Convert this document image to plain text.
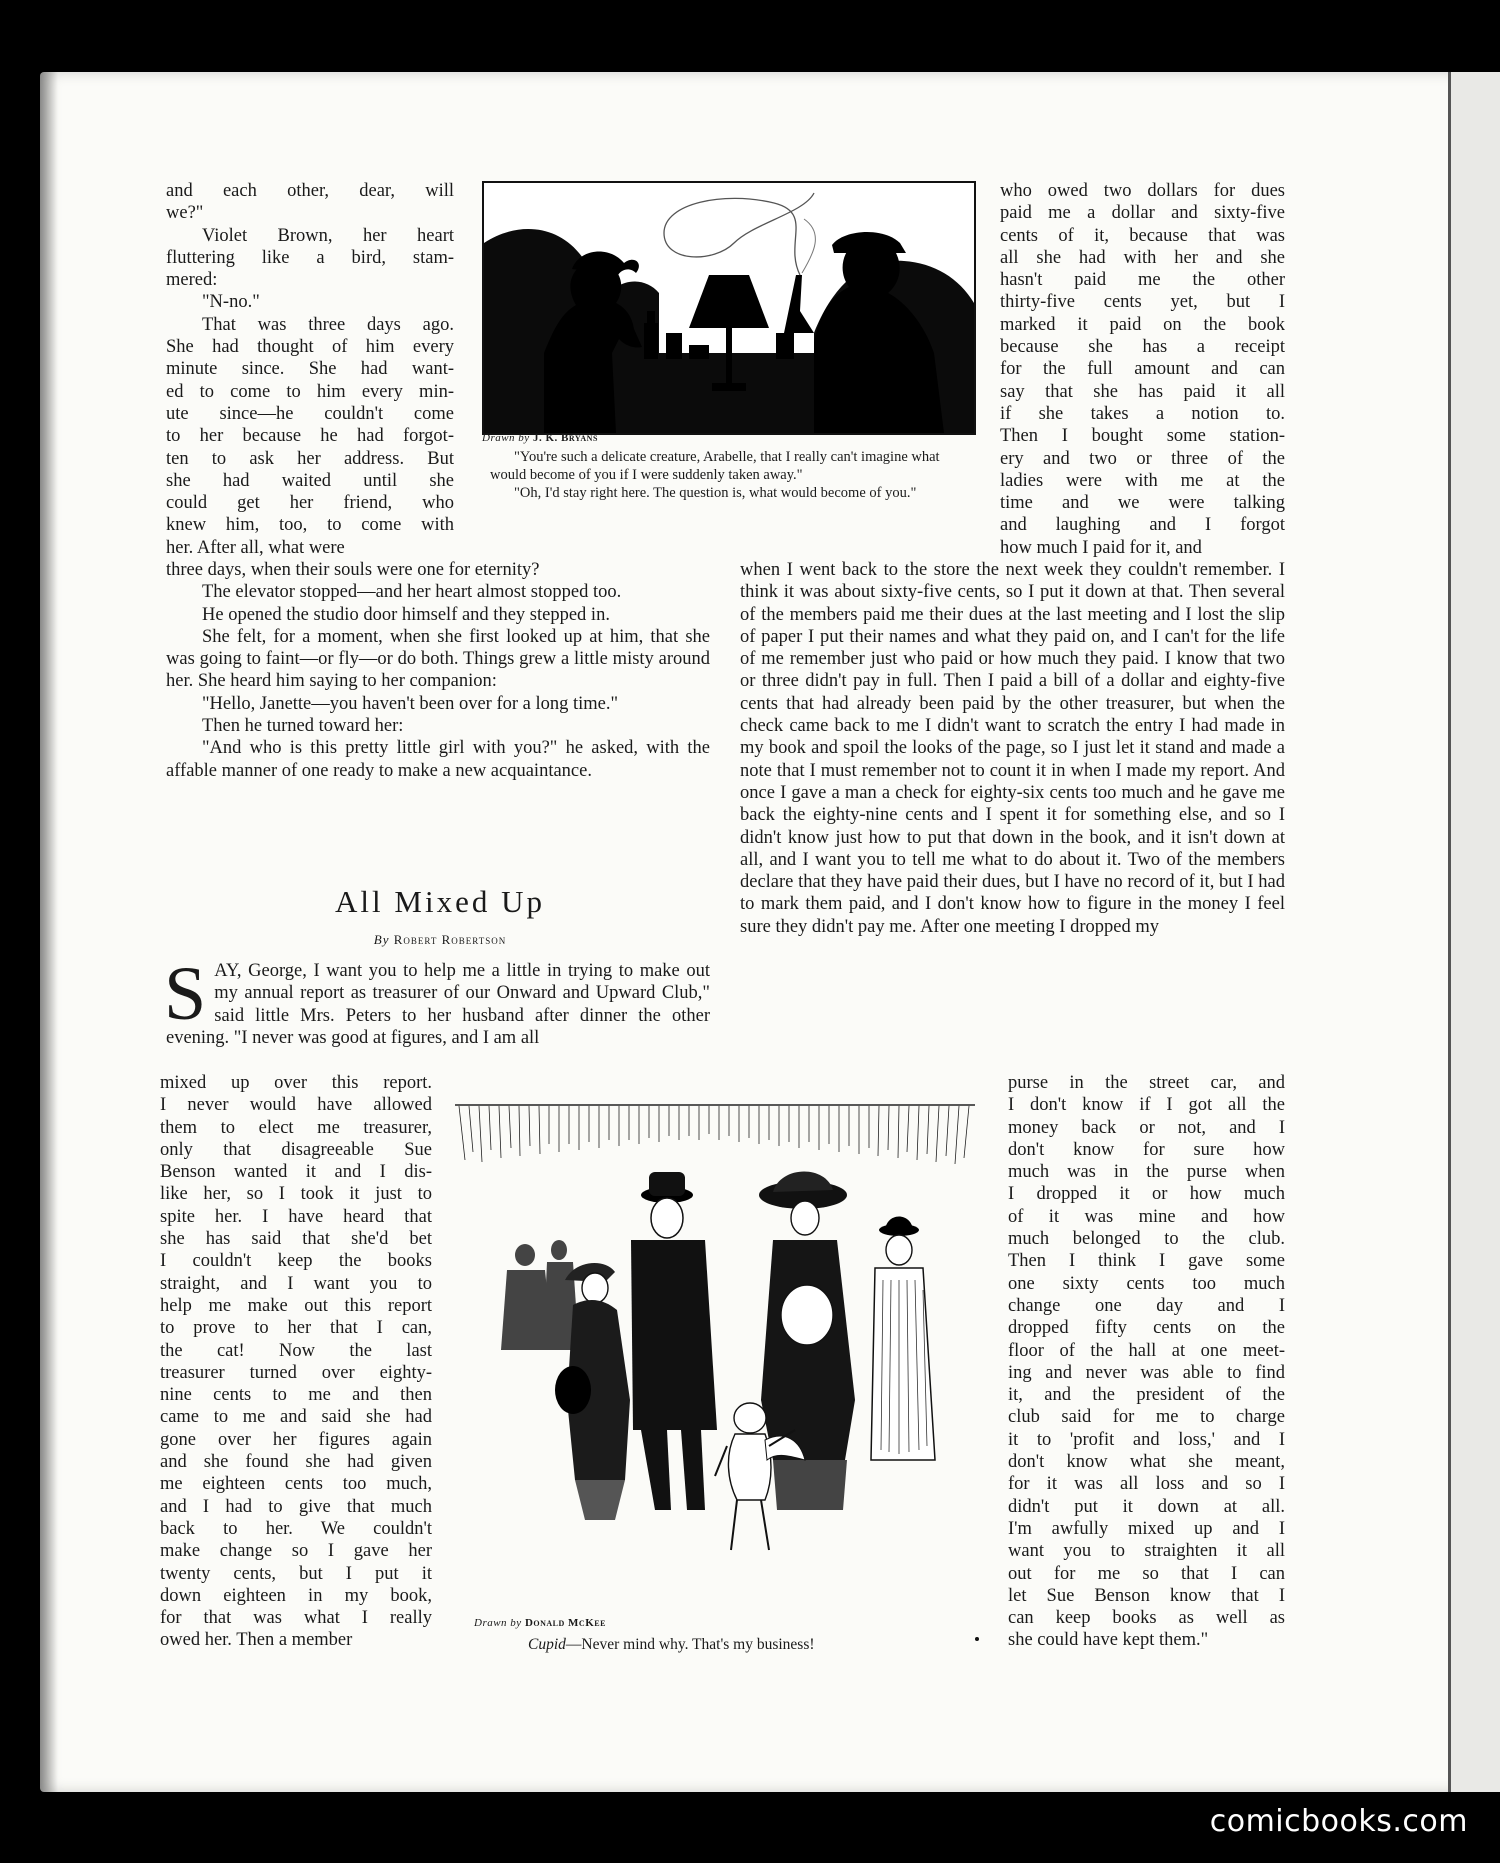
and each other, dear, will
we?"
Violet Brown, her heart
fluttering like a bird, stam-
mered:
"N-no."
That was three days ago.
She had thought of him every
minute since. She had want-
ed to come to him every min-
ute since—he couldn't come
to her because he had forgot-
ten to ask her address. But
she had waited until she
could get her friend, who
knew him, too, to come with
her. After all, what were
Drawn by J. K. Bryans

"You're such a delicate creature, Arabelle, that I really can't imagine what would become of you if I were suddenly taken away."

"Oh, I'd stay right here. The question is, what would become of you."

who owed two dollars for dues
paid me a dollar and sixty-five
cents of it, because that was
all she had with her and she
hasn't paid me the other
thirty-five cents yet, but I
marked it paid on the book
because she has a receipt
for the full amount and can
say that she has paid it all
if she takes a notion to.
Then I bought some station-
ery and two or three of the
ladies were with me at the
time and we were talking
and laughing and I forgot
how much I paid for it, and

three days, when their souls were one for eternity?

The elevator stopped—and her heart almost stopped too.

He opened the studio door himself and they stepped in.

She felt, for a moment, when she first looked up at him, that she was going to faint—or fly—or do both. Things grew a little misty around her. She heard him saying to her companion:

"Hello, Janette—you haven't been over for a long time."

Then he turned toward her:

"And who is this pretty little girl with you?" he asked, with the affable manner of one ready to make a new acquaintance.

All Mixed Up
By Robert Robertson

SAY, George, I want you to help me a little in trying to make out my annual report as treasurer of our Onward and Upward Club," said little Mrs. Peters to her husband after dinner the other evening. "I never was good at figures, and I am all

when I went back to the store the next week they couldn't remember. I think it was about sixty-five cents, so I put it down at that. Then several of the members paid me their dues at the last meeting and I lost the slip of paper I put their names and what they paid on, and I can't for the life of me remember just who paid or how much they paid. I know that two or three didn't pay in full. Then I paid a bill of a dollar and eighty-five cents that had already been paid by the other treasurer, but when the check came back to me I didn't want to scratch the entry I had made in my book and spoil the looks of the page, so I just let it stand and made a note that I must remember not to count it in when I made my report. And once I gave a man a check for eighty-six cents too much and he gave me back the eighty-nine cents and I spent it for something else, and so I didn't know just how to put that down in the book, and it isn't down at all, and I want you to tell me what to do about it. Two of the members declare that they have paid their dues, but I have no record of it, but I had to mark them paid, and I don't know how to figure in the money I feel sure they didn't pay me. After one meeting I dropped my

mixed up over this report.
I never would have allowed
them to elect me treasurer,
only that disagreeable Sue
Benson wanted it and I dis-
like her, so I took it just to
spite her. I have heard that
she has said that she'd bet
I couldn't keep the books
straight, and I want you to
help me make out this report
to prove to her that I can,
the cat! Now the last
treasurer turned over eighty-
nine cents to me and then
came to me and said she had
gone over her figures again
and she found she had given
me eighteen cents too much,
and I had to give that much
back to her. We couldn't
make change so I gave her
twenty cents, but I put it
down eighteen in my book,
for that was what I really
owed her. Then a member
Drawn by Donald McKee
Cupid—Never mind why. That's my business!
purse in the street car, and
I don't know if I got all the
money back or not, and I
don't know for sure how
much was in the purse when
I dropped it or how much
of it was mine and how
much belonged to the club.
Then I think I gave some
one sixty cents too much
change one day and I
dropped fifty cents on the
floor of the hall at one meet-
ing and never was able to find
it, and the president of the
club said for me to charge
it to 'profit and loss,' and I
don't know what she meant,
for it was all loss and so I
didn't put it down at all.
I'm awfully mixed up and I
want you to straighten it all
out for me so that I can
let Sue Benson know that I
can keep books as well as
she could have kept them."
comicbooks.com
